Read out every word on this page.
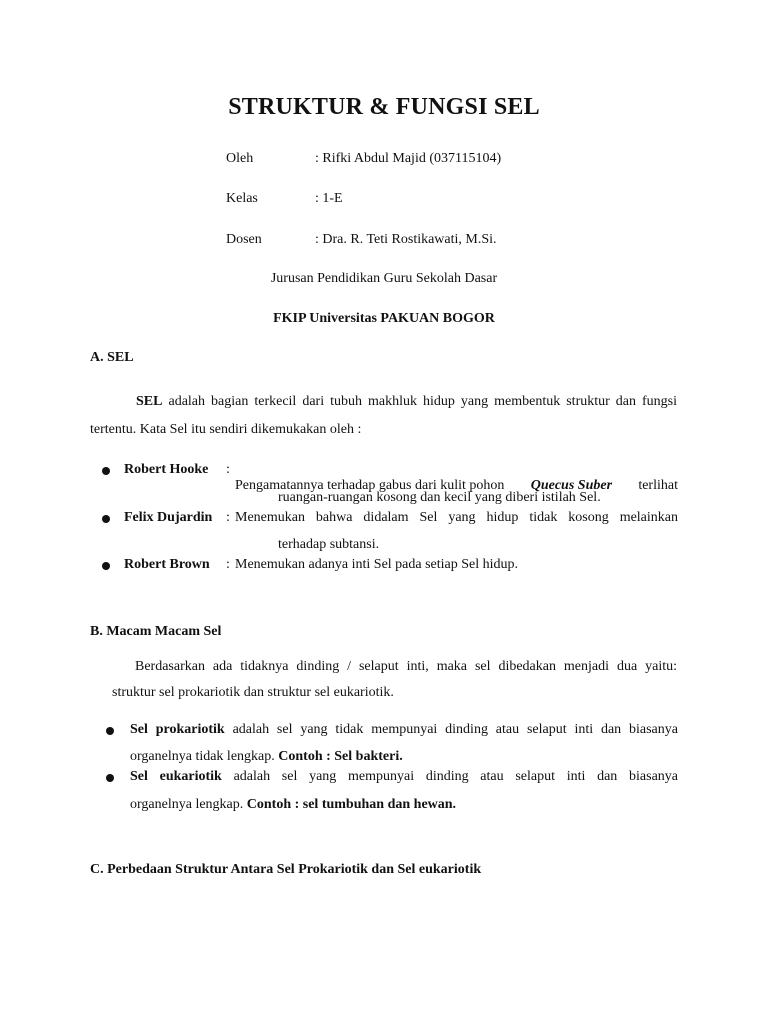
STRUKTUR & FUNGSI SEL
Oleh	: Rifki Abdul Majid (037115104)
Kelas	: 1-E
Dosen	: Dra. R. Teti Rostikawati, M.Si.
Jurusan Pendidikan Guru Sekolah Dasar
FKIP Universitas PAKUAN BOGOR
A. SEL
SEL adalah bagian terkecil dari tubuh makhluk hidup yang membentuk struktur dan fungsi
tertentu. Kata Sel itu sendiri dikemukakan oleh :
Robert Hooke :
Pengamatannya terhadap gabus dari kulit pohon Quecus Suber terlihat
ruangan-ruangan kosong dan kecil yang diberi istilah Sel.
Felix Dujardin : Menemukan bahwa didalam Sel yang hidup tidak kosong melainkan
terhadap subtansi.
Robert Brown : Menemukan adanya inti Sel pada setiap Sel hidup.
B. Macam Macam Sel
Berdasarkan ada tidaknya dinding / selaput inti, maka sel dibedakan menjadi dua yaitu:
struktur sel prokariotik dan struktur sel eukariotik.
Sel prokariotik adalah sel yang tidak mempunyai dinding atau selaput inti dan biasanya
organelnya tidak lengkap. Contoh : Sel bakteri.
Sel eukariotik adalah sel yang mempunyai dinding atau selaput inti dan biasanya
organelnya lengkap. Contoh : sel tumbuhan dan hewan.
C. Perbedaan Struktur Antara Sel Prokariotik dan Sel eukariotik
